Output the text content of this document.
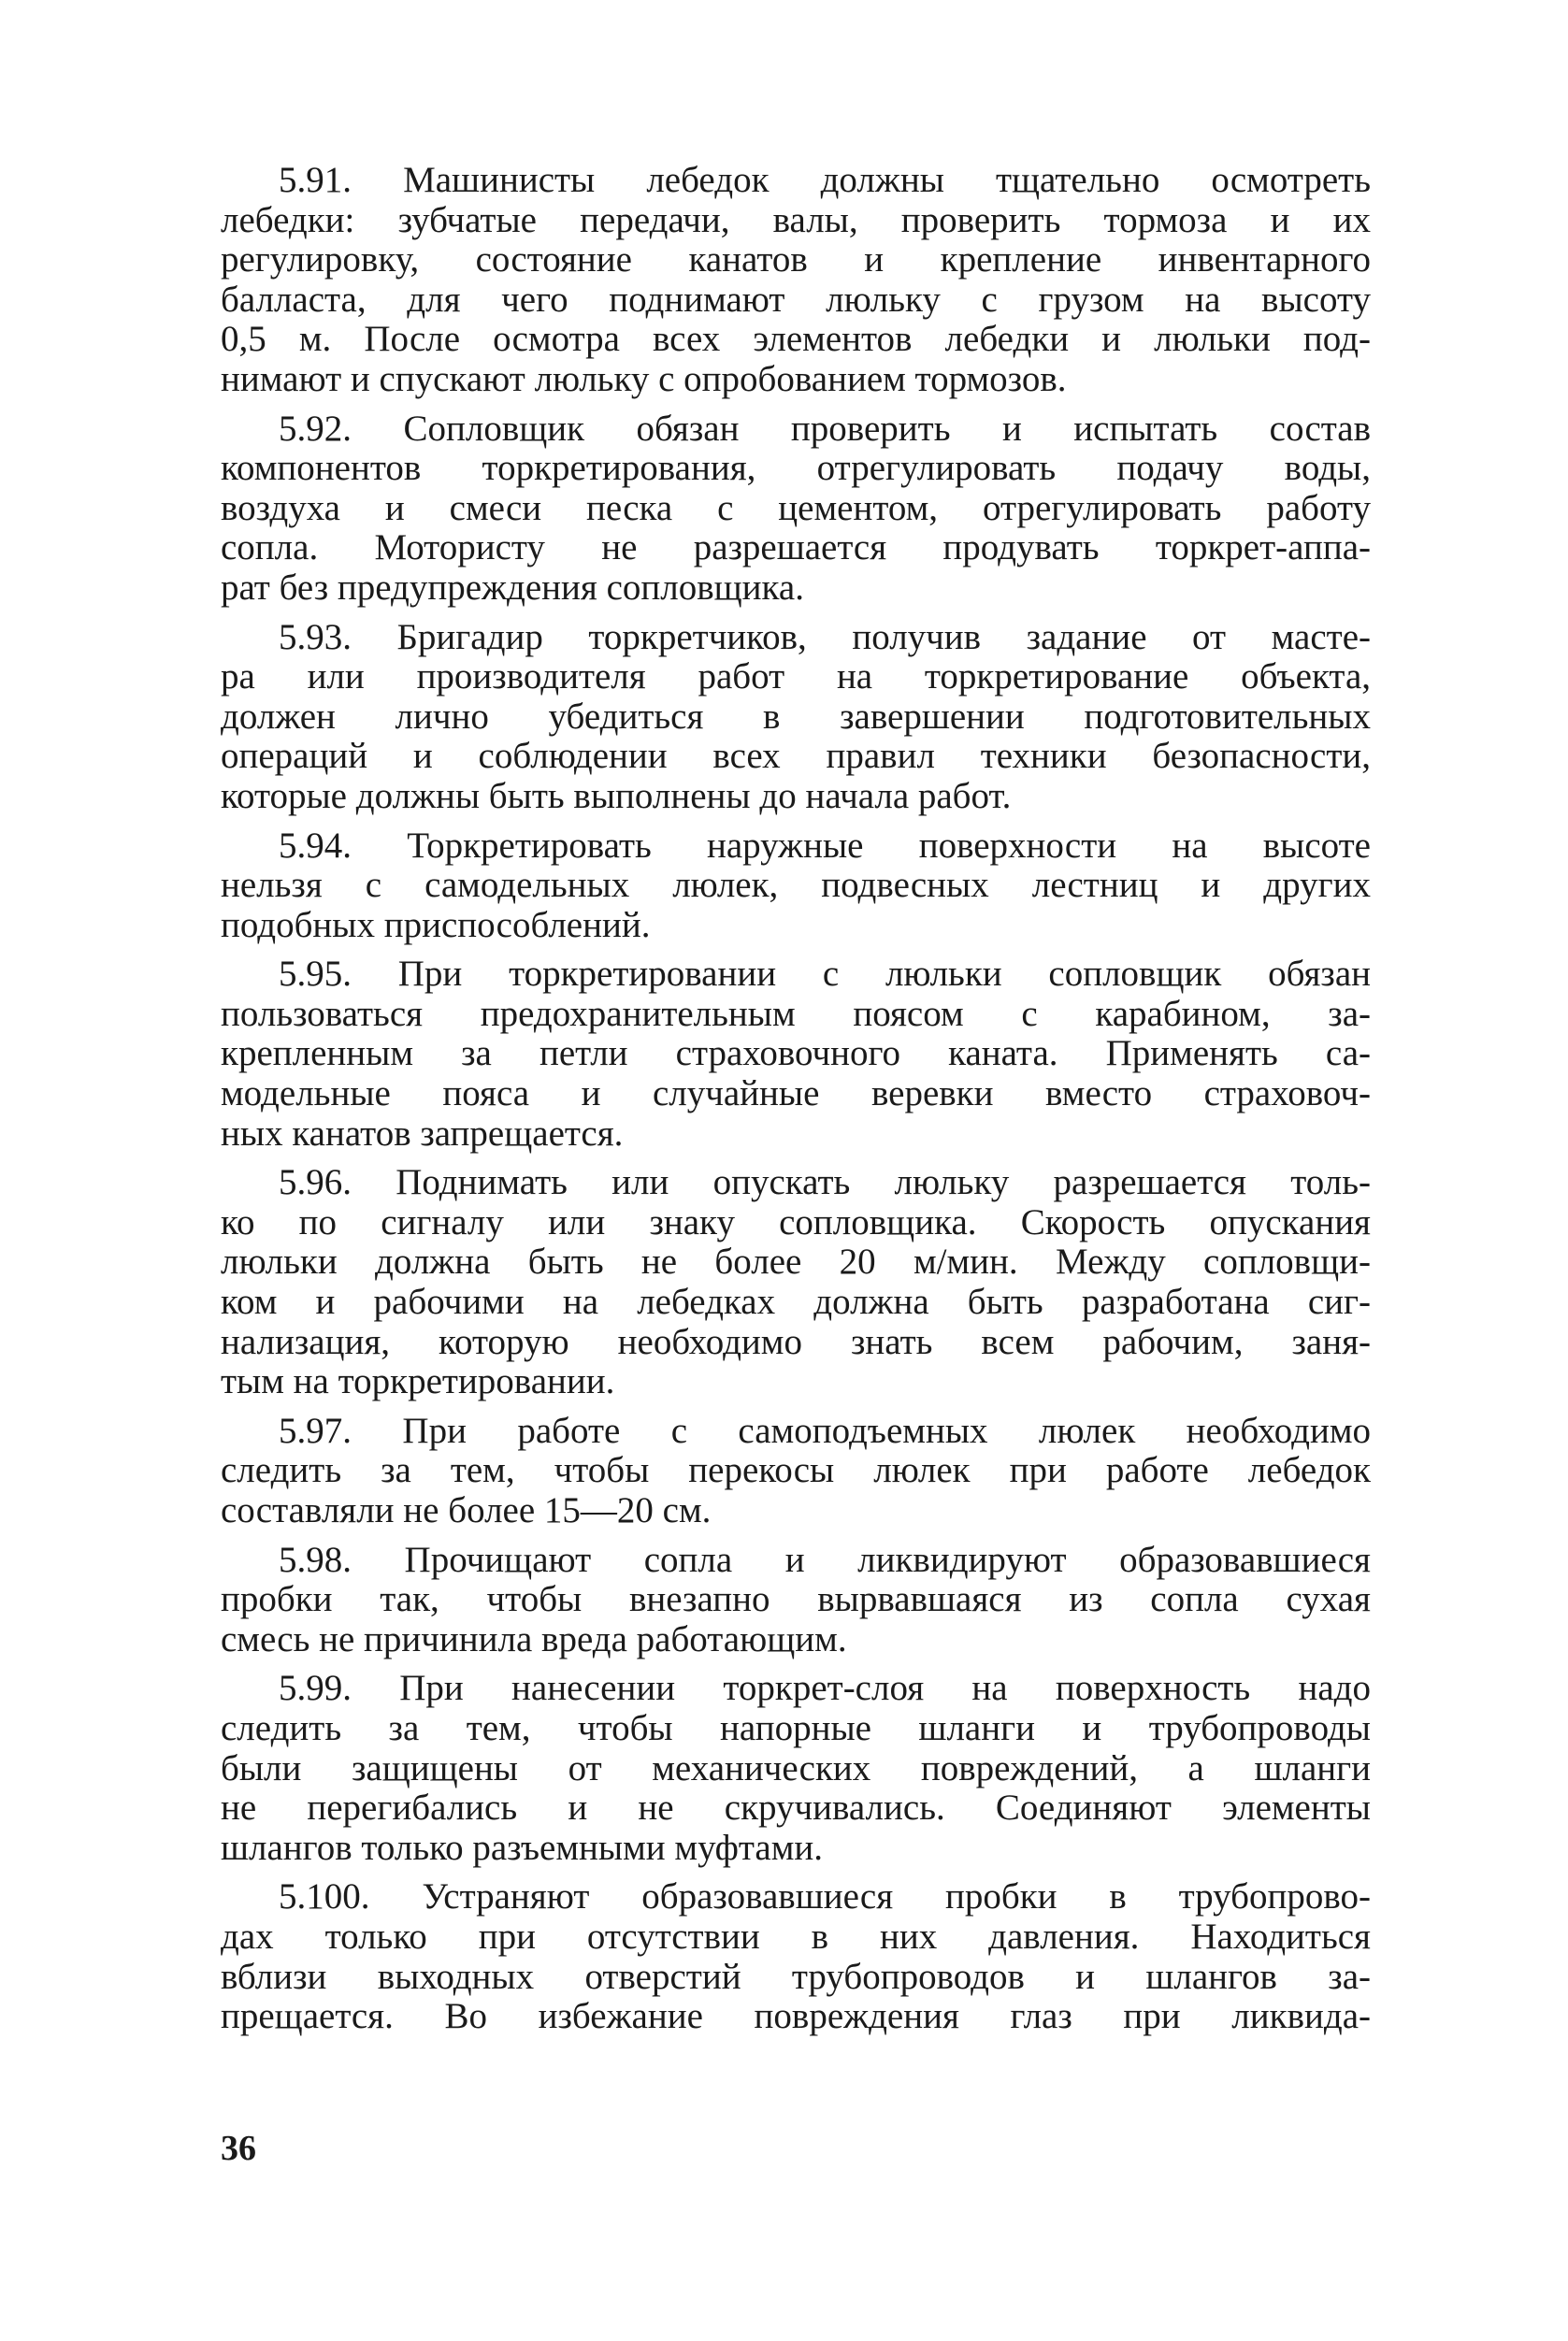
5.91. Машинисты лебедок должны тщательно осмотреть
лебедки: зубчатые передачи, валы, проверить тормоза и их
регулировку, состояние канатов и крепление инвентарного
балласта, для чего поднимают люльку с грузом на высоту
0,5 м. После осмотра всех элементов лебедки и люльки под-
нимают и спускают люльку с опробованием тормозов.
5.92. Сопловщик обязан проверить и испытать состав
компонентов торкретирования, отрегулировать подачу воды,
воздуха и смеси песка с цементом, отрегулировать работу
сопла. Мотористу не разрешается продувать торкрет-аппа-
рат без предупреждения сопловщика.
5.93. Бригадир торкретчиков, получив задание от мастe-
ра или производителя работ на торкретирование объекта,
должен лично убедиться в завершении подготовительных
операций и соблюдении всех правил техники безопасности,
которые должны быть выполнены до начала работ.
5.94. Торкретировать наружные поверхности на высоте
нельзя с самодельных люлек, подвесных лестниц и других
подобных приспособлений.
5.95. При торкретировании с люльки сопловщик обязан
пользоваться предохранительным поясом с карабином, за-
крепленным за петли страховочного каната. Применять са-
модельные пояса и случайные веревки вместо страховоч-
ных канатов запрещается.
5.96. Поднимать или опускать люльку разрешается толь-
ко по сигналу или знаку сопловщика. Скорость опускания
люльки должна быть не более 20 м/мин. Между сопловщи-
ком и рабочими на лебедках должна быть разработана сиг-
нализация, которую необходимо знать всем рабочим, заня-
тым на торкретировании.
5.97. При работе с самоподъемных люлек необходимо
следить за тем, чтобы перекосы люлек при работе лебедок
составляли не более 15—20 см.
5.98. Прочищают сопла и ликвидируют образовавшиеся
пробки так, чтобы внезапно вырвавшаяся из сопла сухая
смесь не причинила вреда работающим.
5.99. При нанесении торкрет-слоя на поверхность надо
следить за тем, чтобы напорные шланги и трубопроводы
были защищены от механических повреждений, а шланги
не перегибались и не скручивались. Соединяют элементы
шлангов только разъемными муфтами.
5.100. Устраняют образовавшиеся пробки в трубопрово-
дах только при отсутствии в них давления. Находиться
вблизи выходных отверстий трубопроводов и шлангов за-
прещается. Во избежание повреждения глаз при ликвида-
36
